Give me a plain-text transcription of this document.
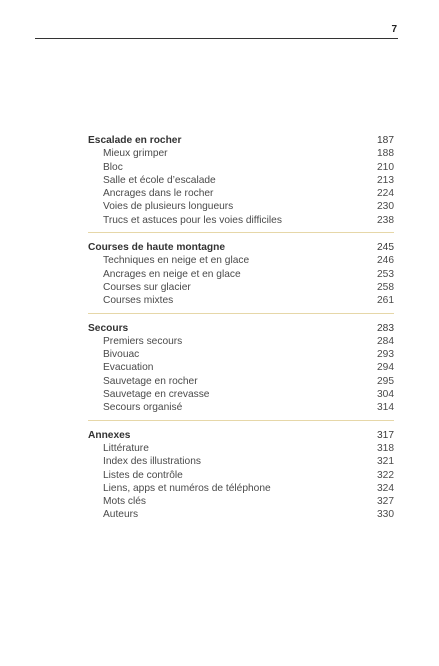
7
Escalade en rocher	187
Mieux grimper	188
Bloc	210
Salle et école d’escalade	213
Ancrages dans le rocher	224
Voies de plusieurs longueurs	230
Trucs et astuces pour les voies difficiles	238
Courses de haute montagne	245
Techniques en neige et en glace	246
Ancrages en neige et en glace	253
Courses sur glacier	258
Courses mixtes	261
Secours	283
Premiers secours	284
Bivouac	293
Evacuation	294
Sauvetage en rocher	295
Sauvetage en crevasse	304
Secours organisé	314
Annexes	317
Littérature	318
Index des illustrations	321
Listes de contrôle	322
Liens, apps et numéros de téléphone	324
Mots clés	327
Auteurs	330
